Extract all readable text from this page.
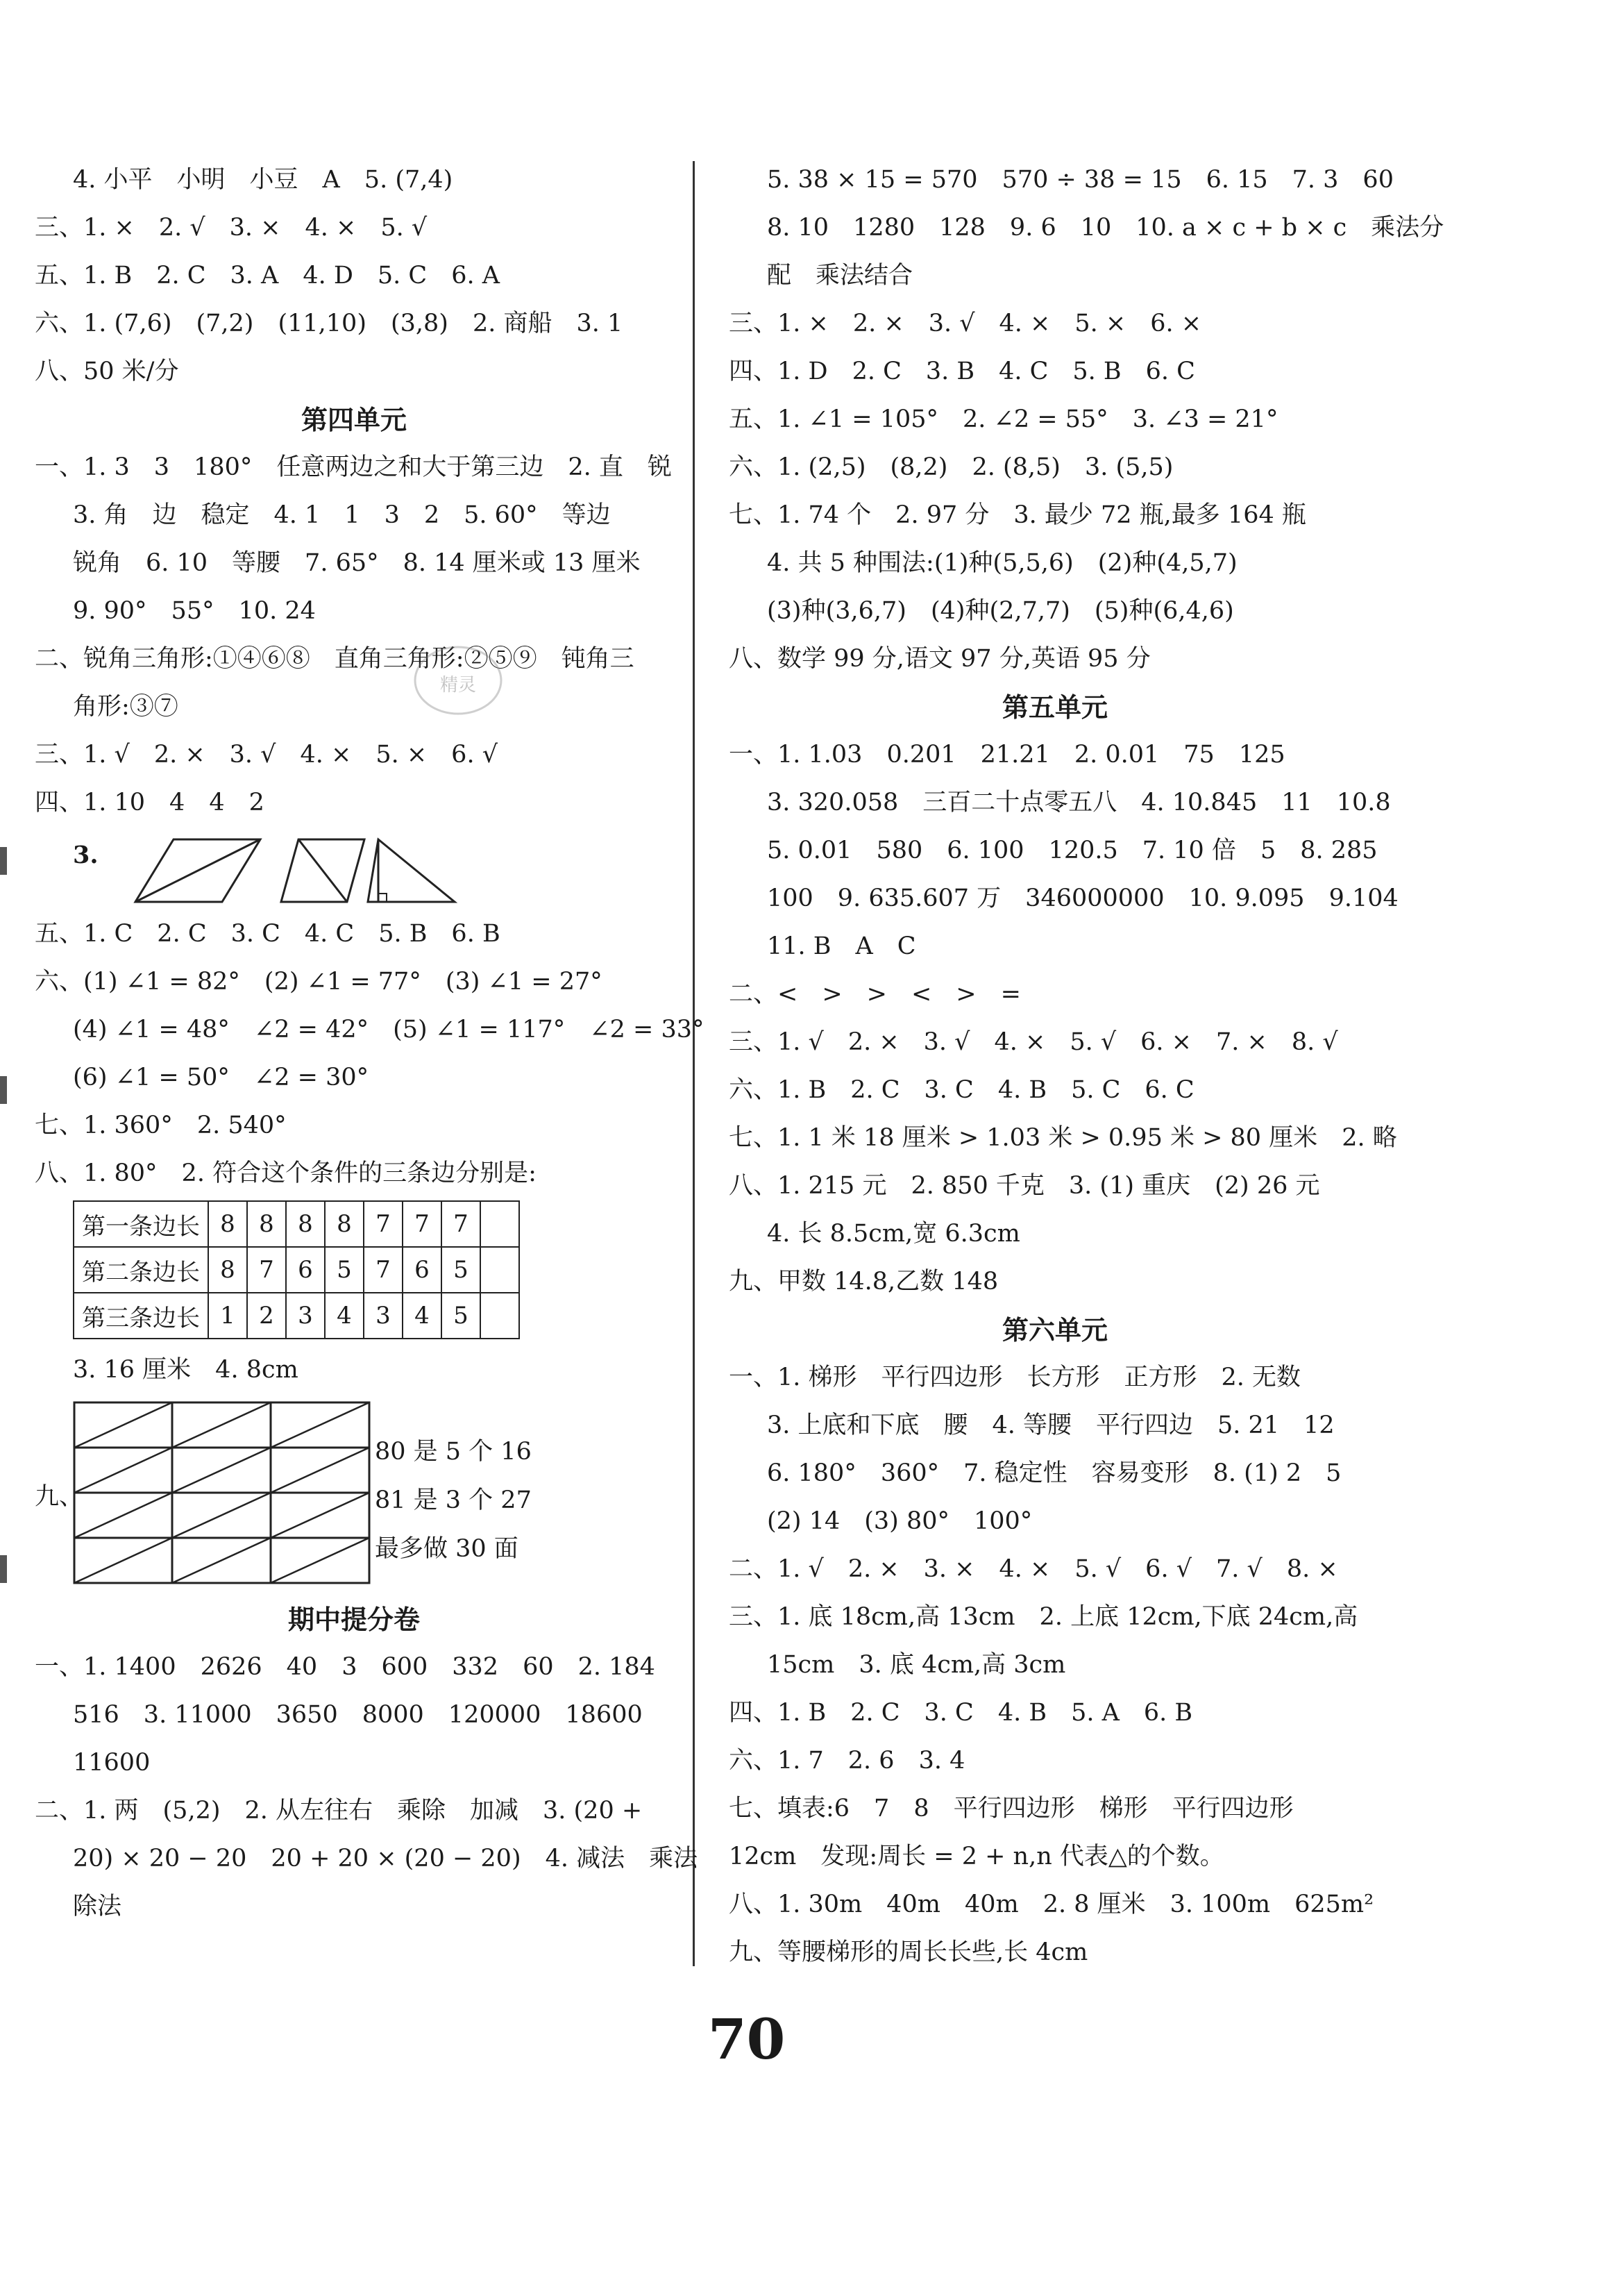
4. 小平　小明　小豆　A　5. (7,4)
三、1. ×　2. √　3. ×　4. ×　5. √
五、1. B　2. C　3. A　4. D　5. C　6. A
六、1. (7,6)　(7,2)　(11,10)　(3,8)　2. 商船　3. 1
八、50 米/分
第四单元
一、1. 3　3　180°　任意两边之和大于第三边　2. 直　锐
3. 角　边　稳定　4. 1　1　3　2　5. 60°　等边
锐角　6. 10　等腰　7. 65°　8. 14 厘米或 13 厘米
9. 90°　55°　10. 24
二、锐角三角形:①④⑥⑧　直角三角形:②⑤⑨　钝角三
角形:③⑦
三、1. √　2. ×　3. √　4. ×　5. ×　6. √
四、1. 10　4　4　2
3.
五、1. C　2. C　3. C　4. C　5. B　6. B
六、(1) ∠1 = 82°　(2) ∠1 = 77°　(3) ∠1 = 27°
(4) ∠1 = 48°　∠2 = 42°　(5) ∠1 = 117°　∠2 = 33°
(6) ∠1 = 50°　∠2 = 30°
七、1. 360°　2. 540°
八、1. 80°　2. 符合这个条件的三条边分别是:
第一条边长	8	8	8	8	7	7	7	
第二条边长	8	7	6	5	7	6	5	
第三条边长	1	2	3	4	3	4	5	
3. 16 厘米　4. 8cm
九、
80 是 5 个 16
81 是 3 个 27
最多做 30 面
期中提分卷
一、1. 1400　2626　40　3　600　332　60　2. 184
516　3. 11000　3650　8000　120000　18600
11600
二、1. 两　(5,2)　2. 从左往右　乘除　加减　3. (20 +
20) × 20 − 20　20 + 20 × (20 − 20)　4. 减法　乘法
除法
5. 38 × 15 = 570　570 ÷ 38 = 15　6. 15　7. 3　60
8. 10　1280　128　9. 6　10　10. a × c + b × c　乘法分
配　乘法结合
三、1. ×　2. ×　3. √　4. ×　5. ×　6. ×
四、1. D　2. C　3. B　4. C　5. B　6. C
五、1. ∠1 = 105°　2. ∠2 = 55°　3. ∠3 = 21°
六、1. (2,5)　(8,2)　2. (8,5)　3. (5,5)
七、1. 74 个　2. 97 分　3. 最少 72 瓶,最多 164 瓶
4. 共 5 种围法:(1)种(5,5,6)　(2)种(4,5,7)
(3)种(3,6,7)　(4)种(2,7,7)　(5)种(6,4,6)
八、数学 99 分,语文 97 分,英语 95 分
第五单元
一、1. 1.03　0.201　21.21　2. 0.01　75　125
3. 320.058　三百二十点零五八　4. 10.845　11　10.8
5. 0.01　580　6. 100　120.5　7. 10 倍　5　8. 285
100　9. 635.607 万　346000000　10. 9.095　9.104
11. B　A　C
二、<　>　>　<　>　=
三、1. √　2. ×　3. √　4. ×　5. √　6. ×　7. ×　8. √
六、1. B　2. C　3. C　4. B　5. C　6. C
七、1. 1 米 18 厘米 > 1.03 米 > 0.95 米 > 80 厘米　2. 略
八、1. 215 元　2. 850 千克　3. (1) 重庆　(2) 26 元
4. 长 8.5cm,宽 6.3cm
九、甲数 14.8,乙数 148
第六单元
一、1. 梯形　平行四边形　长方形　正方形　2. 无数
3. 上底和下底　腰　4. 等腰　平行四边　5. 21　12
6. 180°　360°　7. 稳定性　容易变形　8. (1) 2　5
(2) 14　(3) 80°　100°
二、1. √　2. ×　3. ×　4. ×　5. √　6. √　7. √　8. ×
三、1. 底 18cm,高 13cm　2. 上底 12cm,下底 24cm,高
15cm　3. 底 4cm,高 3cm
四、1. B　2. C　3. C　4. B　5. A　6. B
六、1. 7　2. 6　3. 4
七、填表:6　7　8　平行四边形　梯形　平行四边形
12cm　发现:周长 = 2 + n,n 代表△的个数。
八、1. 30m　40m　40m　2. 8 厘米　3. 100m　625m²
九、等腰梯形的周长长些,长 4cm
精灵
70
